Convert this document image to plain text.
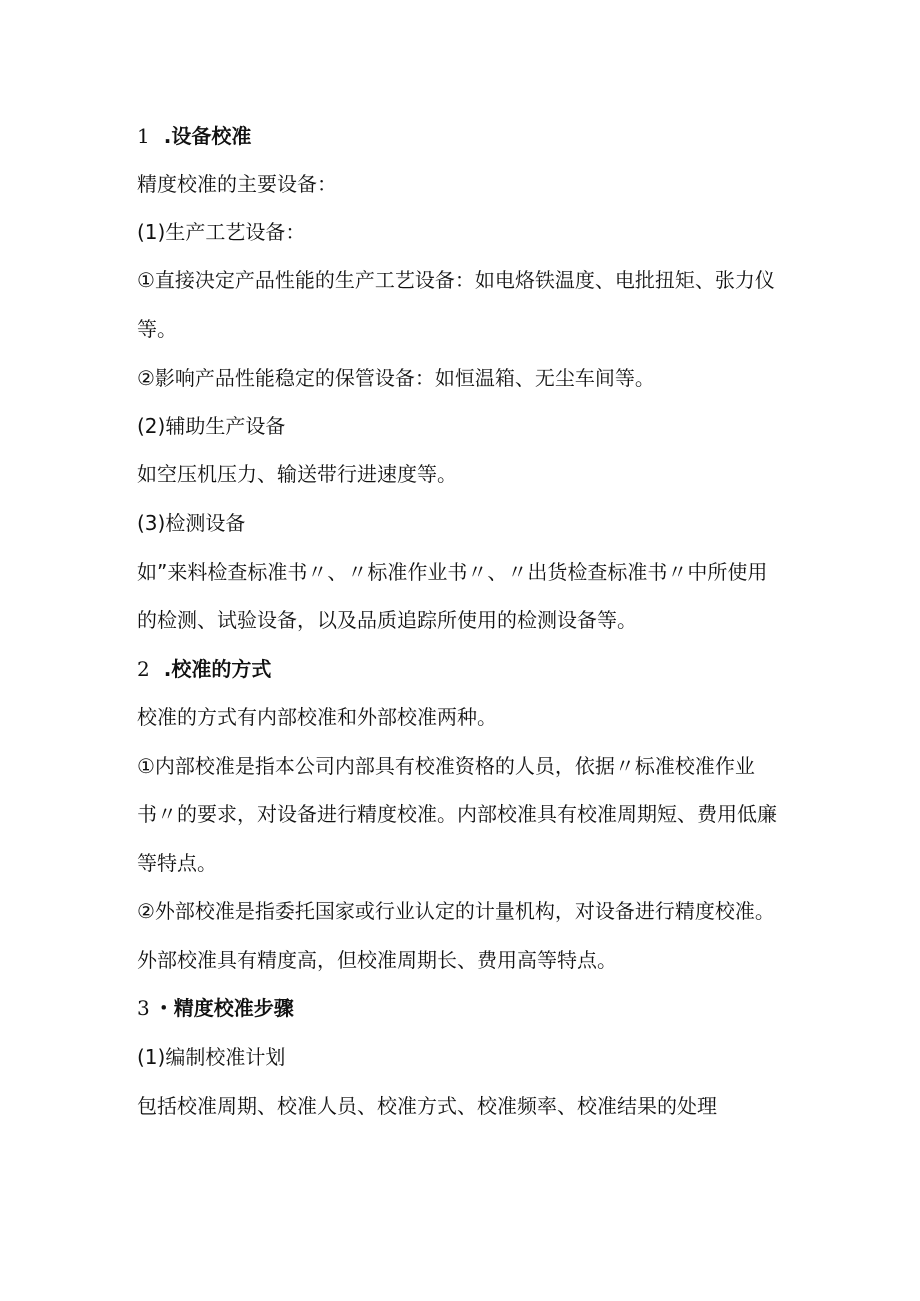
1 .设备校准
精度校准的主要设备：
(1)生产工艺设备：
①直接决定产品性能的生产工艺设备：如电烙铁温度、电批扭矩、张力仪
等。
②影响产品性能稳定的保管设备：如恒温箱、无尘车间等。
(2)辅助生产设备
如空压机压力、输送带行进速度等。
(3)检测设备
如”来料检查标准书〃、〃标准作业书〃、〃出货检查标准书〃中所使用
的检测、试验设备，以及品质追踪所使用的检测设备等。
2 .校准的方式
校准的方式有内部校准和外部校准两种。
①内部校准是指本公司内部具有校准资格的人员，依据〃标准校准作业
书〃的要求，对设备进行精度校准。内部校准具有校准周期短、费用低廉
等特点。
②外部校准是指委托国家或行业认定的计量机构，对设备进行精度校准。
外部校准具有精度高，但校准周期长、费用高等特点。
3 ・精度校准步骤
(1)编制校准计划
包括校准周期、校准人员、校准方式、校准频率、校准结果的处理
